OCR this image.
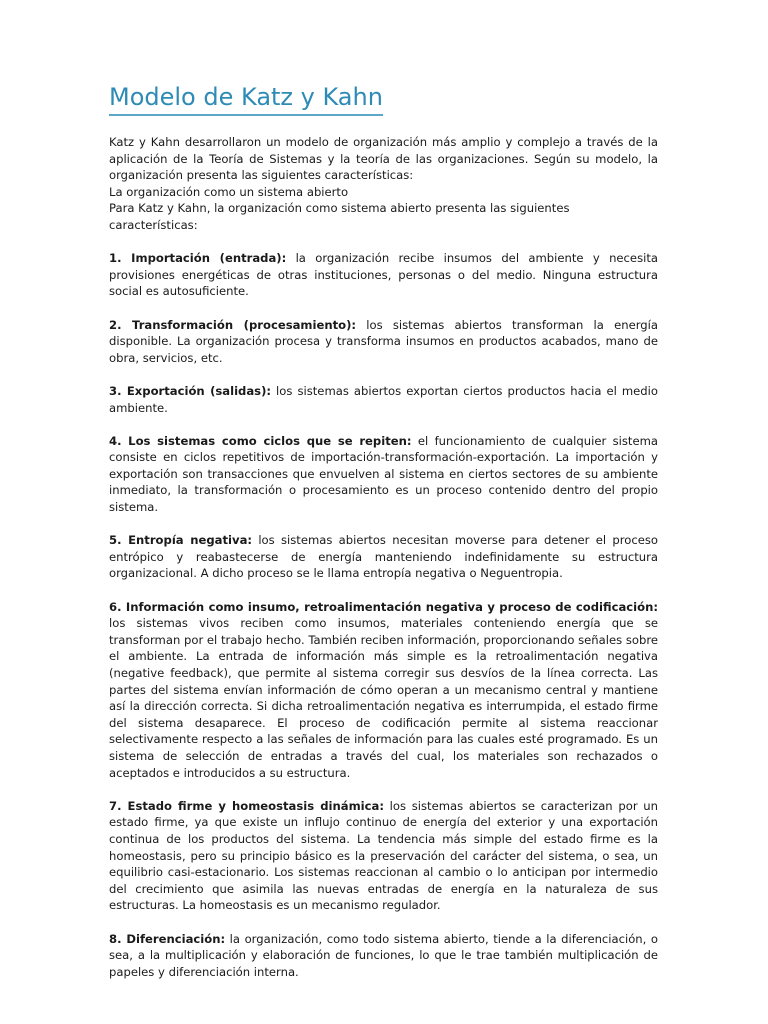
Modelo de Katz y Kahn

Katz y Kahn desarrollaron un modelo de organización más amplio y complejo a través de la aplicación de la Teoría de Sistemas y la teoría de las organizaciones. Según su modelo, la organización presenta las siguientes características:

La organización como un sistema abierto

Para Katz y Kahn, la organización como sistema abierto presenta las siguientes características:

1. Importación (entrada): la organización recibe insumos del ambiente y necesita provisiones energéticas de otras instituciones, personas o del medio. Ninguna estructura social es autosuficiente.

2. Transformación (procesamiento): los sistemas abiertos transforman la energía disponible. La organización procesa y transforma insumos en productos acabados, mano de obra, servicios, etc.

3. Exportación (salidas): los sistemas abiertos exportan ciertos productos hacia el medio ambiente.

4. Los sistemas como ciclos que se repiten: el funcionamiento de cualquier sistema consiste en ciclos repetitivos de importación-transformación-exportación. La importación y exportación son transacciones que envuelven al sistema en ciertos sectores de su ambiente inmediato, la transformación o procesamiento es un proceso contenido dentro del propio sistema.

5. Entropía negativa: los sistemas abiertos necesitan moverse para detener el proceso entrópico y reabastecerse de energía manteniendo indefinidamente su estructura organizacional. A dicho proceso se le llama entropía negativa o Neguentropia.

6. Información como insumo, retroalimentación negativa y proceso de codificación: los sistemas vivos reciben como insumos, materiales conteniendo energía que se transforman por el trabajo hecho. También reciben información, proporcionando señales sobre el ambiente. La entrada de información más simple es la retroalimentación negativa (negative feedback), que permite al sistema corregir sus desvíos de la línea correcta. Las partes del sistema envían información de cómo operan a un mecanismo central y mantiene así la dirección correcta. Si dicha retroalimentación negativa es interrumpida, el estado firme del sistema desaparece. El proceso de codificación permite al sistema reaccionar selectivamente respecto a las señales de información para las cuales esté programado. Es un sistema de selección de entradas a través del cual, los materiales son rechazados o aceptados e introducidos a su estructura.

7. Estado firme y homeostasis dinámica: los sistemas abiertos se caracterizan por un estado firme, ya que existe un influjo continuo de energía del exterior y una exportación continua de los productos del sistema. La tendencia más simple del estado firme es la homeostasis, pero su principio básico es la preservación del carácter del sistema, o sea, un equilibrio casi-estacionario. Los sistemas reaccionan al cambio o lo anticipan por intermedio del crecimiento que asimila las nuevas entradas de energía en la naturaleza de sus estructuras. La homeostasis es un mecanismo regulador.

8. Diferenciación: la organización, como todo sistema abierto, tiende a la diferenciación, o sea, a la multiplicación y elaboración de funciones, lo que le trae también multiplicación de papeles y diferenciación interna.
